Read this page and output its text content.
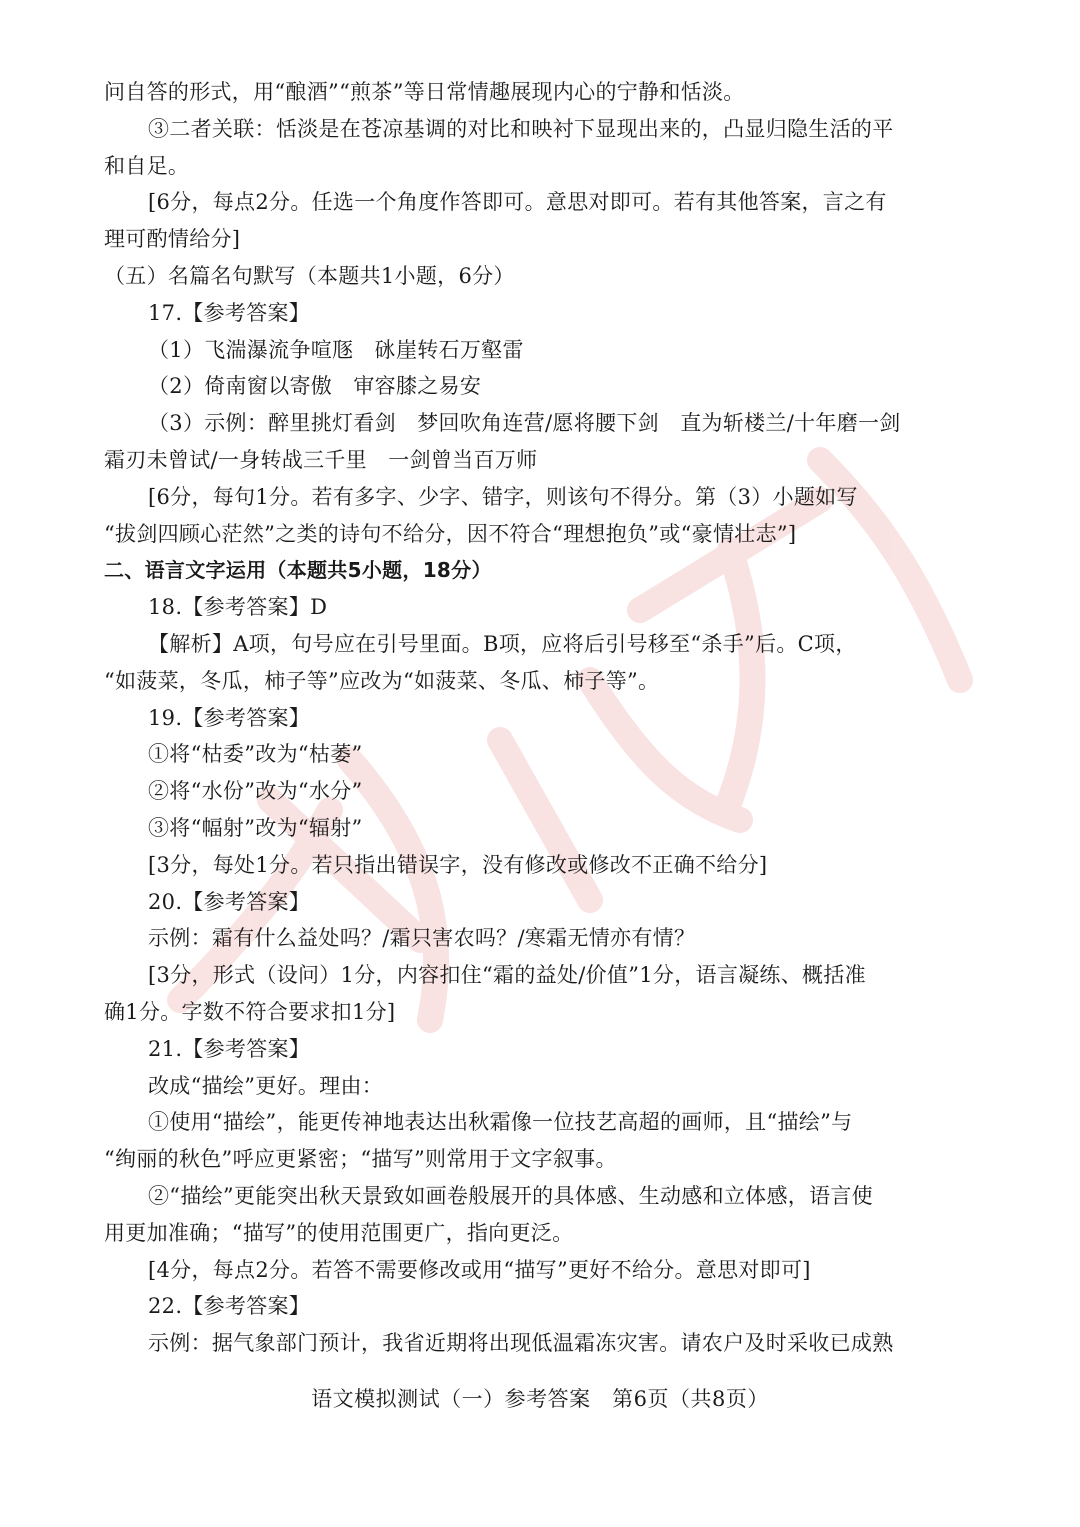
问自答的形式，用“酿酒”“煎茶”等日常情趣展现内心的宁静和恬淡。
③二者关联：恬淡是在苍凉基调的对比和映衬下显现出来的，凸显归隐生活的平
和自足。
[6分，每点2分。任选一个角度作答即可。意思对即可。若有其他答案，言之有
理可酌情给分]
（五）名篇名句默写（本题共1小题，6分）
17.【参考答案】
（1）飞湍瀑流争喧豗　砯崖转石万壑雷
（2）倚南窗以寄傲　审容膝之易安
（3）示例：醉里挑灯看剑　梦回吹角连营/愿将腰下剑　直为斩楼兰/十年磨一剑
霜刃未曾试/一身转战三千里　一剑曾当百万师
[6分，每句1分。若有多字、少字、错字，则该句不得分。第（3）小题如写
“拔剑四顾心茫然”之类的诗句不给分，因不符合“理想抱负”或“豪情壮志”]
二、语言文字运用（本题共5小题，18分）
18.【参考答案】D
【解析】A项，句号应在引号里面。B项，应将后引号移至“杀手”后。C项，
“如菠菜，冬瓜，柿子等”应改为“如菠菜、冬瓜、柿子等”。
19.【参考答案】
①将“枯委”改为“枯萎”
②将“水份”改为“水分”
③将“幅射”改为“辐射”
[3分，每处1分。若只指出错误字，没有修改或修改不正确不给分]
20.【参考答案】
示例：霜有什么益处吗？/霜只害农吗？/寒霜无情亦有情？
[3分，形式（设问）1分，内容扣住“霜的益处/价值”1分，语言凝练、概括准
确1分。字数不符合要求扣1分]
21.【参考答案】
改成“描绘”更好。理由：
①使用“描绘”，能更传神地表达出秋霜像一位技艺高超的画师，且“描绘”与
“绚丽的秋色”呼应更紧密；“描写”则常用于文字叙事。
②“描绘”更能突出秋天景致如画卷般展开的具体感、生动感和立体感，语言使
用更加准确；“描写”的使用范围更广，指向更泛。
[4分，每点2分。若答不需要修改或用“描写”更好不给分。意思对即可]
22.【参考答案】
示例：据气象部门预计，我省近期将出现低温霜冻灾害。请农户及时采收已成熟
语文模拟测试（一）参考答案　第6页（共8页）
